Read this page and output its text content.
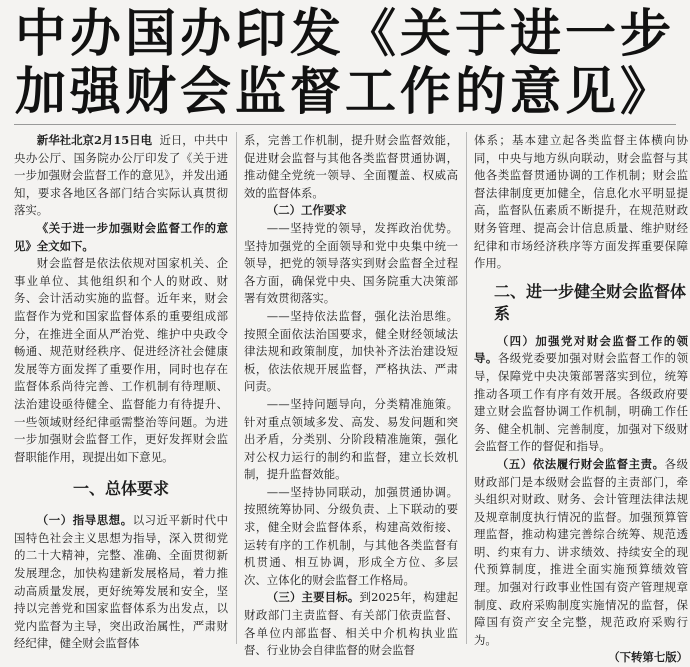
中办国办印发《关于进一步
加强财会监督工作的意见》

新华社北京2月15日电 近日，中共中央办公厅、国务院办公厅印发了《关于进一步加强财会监督工作的意见》，并发出通知，要求各地区各部门结合实际认真贯彻落实。

《关于进一步加强财会监督工作的意见》全文如下。

财会监督是依法依规对国家机关、企事业单位、其他组织和个人的财政、财务、会计活动实施的监督。近年来，财会监督作为党和国家监督体系的重要组成部分，在推进全面从严治党、维护中央政令畅通、规范财经秩序、促进经济社会健康发展等方面发挥了重要作用，同时也存在监督体系尚待完善、工作机制有待理顺、法治建设亟待健全、监督能力有待提升、一些领域财经纪律亟需整治等问题。为进一步加强财会监督工作，更好发挥财会监督职能作用，现提出如下意见。

一、总体要求

（一）指导思想。以习近平新时代中国特色社会主义思想为指导，深入贯彻党的二十大精神，完整、准确、全面贯彻新发展理念，加快构建新发展格局，着力推动高质量发展，更好统筹发展和安全，坚持以完善党和国家监督体系为出发点，以党内监督为主导，突出政治属性，严肃财经纪律，健全财会监督体

系，完善工作机制，提升财会监督效能，促进财会监督与其他各类监督贯通协调，推动健全党统一领导、全面覆盖、权威高效的监督体系。

（二）工作要求

——坚持党的领导，发挥政治优势。坚持加强党的全面领导和党中央集中统一领导，把党的领导落实到财会监督全过程各方面，确保党中央、国务院重大决策部署有效贯彻落实。

——坚持依法监督，强化法治思维。按照全面依法治国要求，健全财经领域法律法规和政策制度，加快补齐法治建设短板，依法依规开展监督，严格执法、严肃问责。

——坚持问题导向，分类精准施策。针对重点领域多发、高发、易发问题和突出矛盾，分类别、分阶段精准施策，强化对公权力运行的制约和监督，建立长效机制，提升监督效能。

——坚持协同联动，加强贯通协调。按照统筹协同、分级负责、上下联动的要求，健全财会监督体系，构建高效衔接、运转有序的工作机制，与其他各类监督有机贯通、相互协调，形成全方位、多层次、立体化的财会监督工作格局。

（三）主要目标。到2025年，构建起财政部门主责监督、有关部门依责监督、各单位内部监督、相关中介机构执业监督、行业协会自律监督的财会监督

体系；基本建立起各类监督主体横向协同，中央与地方纵向联动，财会监督与其他各类监督贯通协调的工作机制；财会监督法律制度更加健全，信息化水平明显提高，监督队伍素质不断提升，在规范财政财务管理、提高会计信息质量、维护财经纪律和市场经济秩序等方面发挥重要保障作用。

二、进一步健全财会监督体系

（四）加强党对财会监督工作的领导。各级党委要加强对财会监督工作的领导，保障党中央决策部署落实到位，统筹推动各项工作有序有效开展。各级政府要建立财会监督协调工作机制，明确工作任务、健全机制、完善制度，加强对下级财会监督工作的督促和指导。

（五）依法履行财会监督主责。各级财政部门是本级财会监督的主责部门，牵头组织对财政、财务、会计管理法律法规及规章制度执行情况的监督。加强预算管理监督，推动构建完善综合统筹、规范透明、约束有力、讲求绩效、持续安全的现代预算制度，推进全面实施预算绩效管理。加强对行政事业性国有资产管理规章制度、政府采购制度实施情况的监督，保障国有资产安全完整，规范政府采购行为。

（下转第七版）
